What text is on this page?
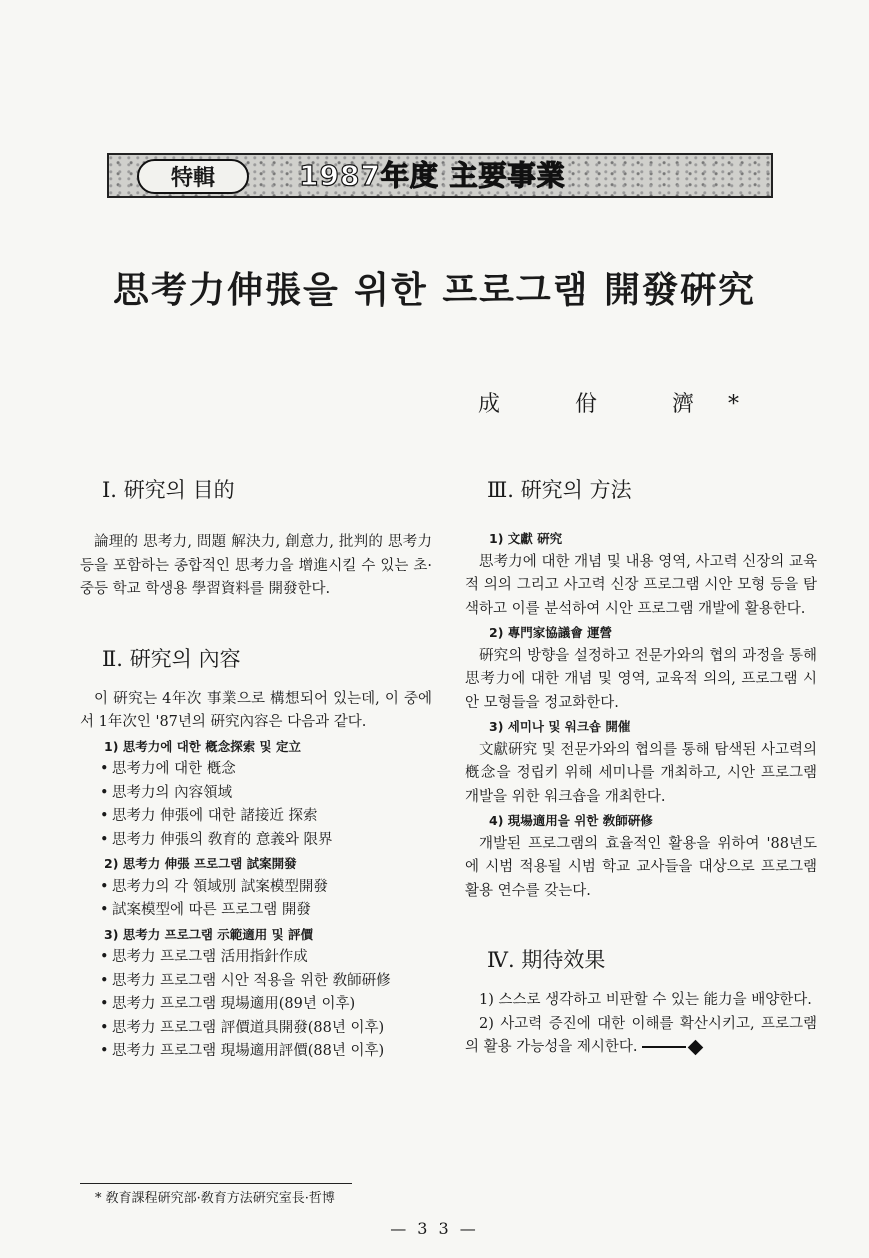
特輯	1987年度 主要事業
思考力伸張을 위한 프로그램 開發硏究
成 佾 濟*
Ⅰ. 硏究의 目的

論理的 思考力, 問題 解決力, 創意力, 批判的 思考力 등을 포함하는 종합적인 思考力을 增進시킬 수 있는 초·중등 학교 학생용 學習資料를 開發한다.

Ⅱ. 硏究의 內容

이 硏究는 4年次 事業으로 構想되어 있는데, 이 중에서 1年次인 '87년의 硏究內容은 다음과 같다.

1) 思考力에 대한 槪念探索 및 定立
• 思考力에 대한 槪念
• 思考力의 內容領域
• 思考力 伸張에 대한 諸接近 探索
• 思考力 伸張의 敎育的 意義와 限界
2) 思考力 伸張 프로그램 試案開發
• 思考力의 각 領域別 試案模型開發
• 試案模型에 따른 프로그램 開發
3) 思考力 프로그램 示範適用 및 評價
• 思考力 프로그램 活用指針作成
• 思考力 프로그램 시안 적용을 위한 敎師硏修
• 思考力 프로그램 現場適用(89년 이후)
• 思考力 프로그램 評價道具開發(88년 이후)
• 思考力 프로그램 現場適用評價(88년 이후)
Ⅲ. 硏究의 方法
1) 文獻 硏究

思考力에 대한 개념 및 내용 영역, 사고력 신장의 교육적 의의 그리고 사고력 신장 프로그램 시안 모형 등을 탐색하고 이를 분석하여 시안 프로그램 개발에 활용한다.

2) 專門家協議會 運營

硏究의 방향을 설정하고 전문가와의 협의 과정을 통해 思考力에 대한 개념 및 영역, 교육적 의의, 프로그램 시안 모형들을 정교화한다.

3) 세미나 및 워크숍 開催

文獻硏究 및 전문가와의 협의를 통해 탐색된 사고력의 槪念을 정립키 위해 세미나를 개최하고, 시안 프로그램 개발을 위한 워크숍을 개최한다.

4) 現場適用을 위한 敎師硏修

개발된 프로그램의 효율적인 활용을 위하여 '88년도에 시범 적용될 시범 학교 교사들을 대상으로 프로그램 활용 연수를 갖는다.

Ⅳ. 期待效果

1) 스스로 생각하고 비판할 수 있는 能力을 배양한다.

2) 사고력 증진에 대한 이해를 확산시키고, 프로그램의 활용 가능성을 제시한다.

* 敎育課程硏究部·敎育方法硏究室長·哲博
— 3 3 —
